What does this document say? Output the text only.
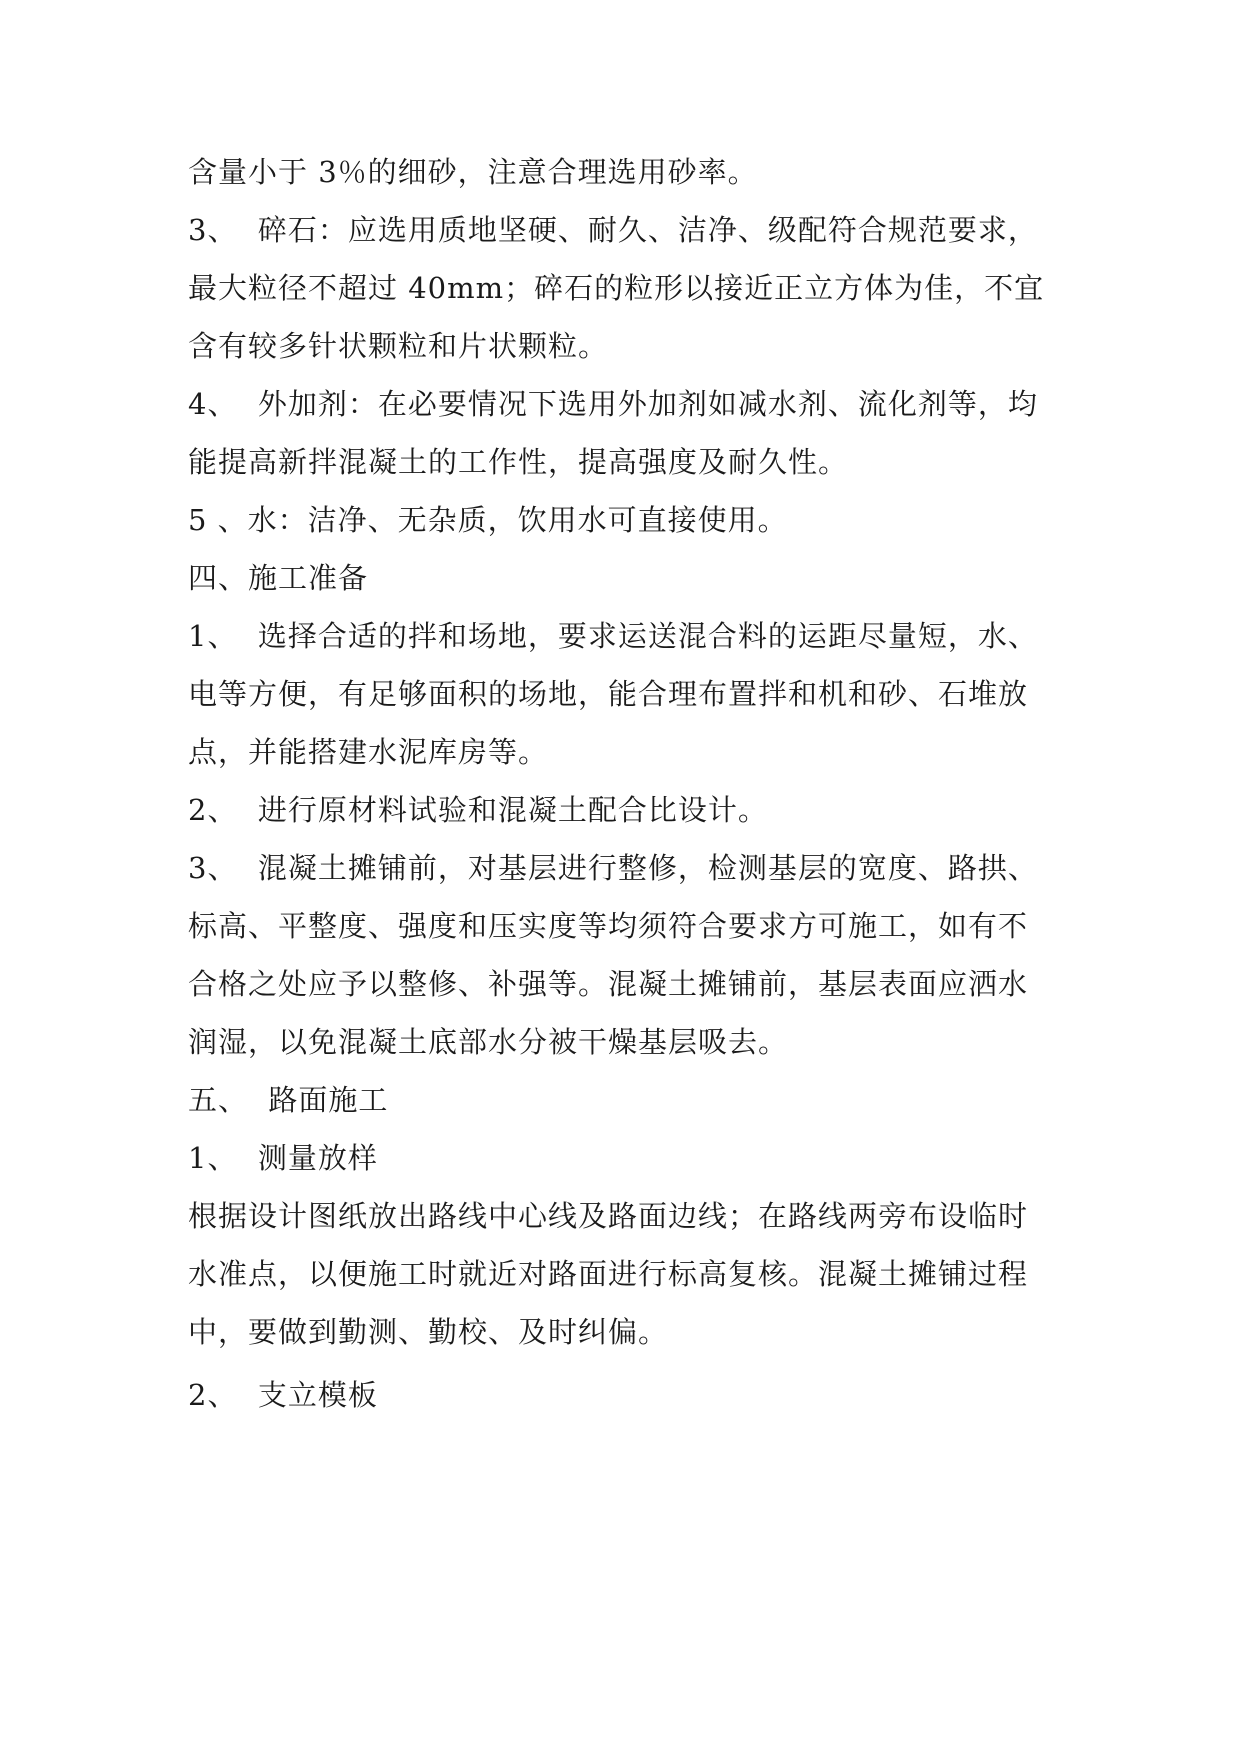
含量小于 3％的细砂，注意合理选用砂率。
3、  碎石：应选用质地坚硬、耐久、洁净、级配符合规范要求，
最大粒径不超过 40mm；碎石的粒形以接近正立方体为佳，不宜
含有较多针状颗粒和片状颗粒。
4、  外加剂：在必要情况下选用外加剂如减水剂、流化剂等，均
能提高新拌混凝土的工作性，提高强度及耐久性。
5 、水：洁净、无杂质，饮用水可直接使用。
四、施工准备
1、  选择合适的拌和场地，要求运送混合料的运距尽量短，水、
电等方便，有足够面积的场地，能合理布置拌和机和砂、石堆放
点，并能搭建水泥库房等。
2、  进行原材料试验和混凝土配合比设计。
3、  混凝土摊铺前，对基层进行整修，检测基层的宽度、路拱、
标高、平整度、强度和压实度等均须符合要求方可施工，如有不
合格之处应予以整修、补强等。混凝土摊铺前，基层表面应洒水
润湿，以免混凝土底部水分被干燥基层吸去。
五、  路面施工
1、  测量放样
根据设计图纸放出路线中心线及路面边线；在路线两旁布设临时
水准点，以便施工时就近对路面进行标高复核。混凝土摊铺过程
中，要做到勤测、勤校、及时纠偏。
2、  支立模板
